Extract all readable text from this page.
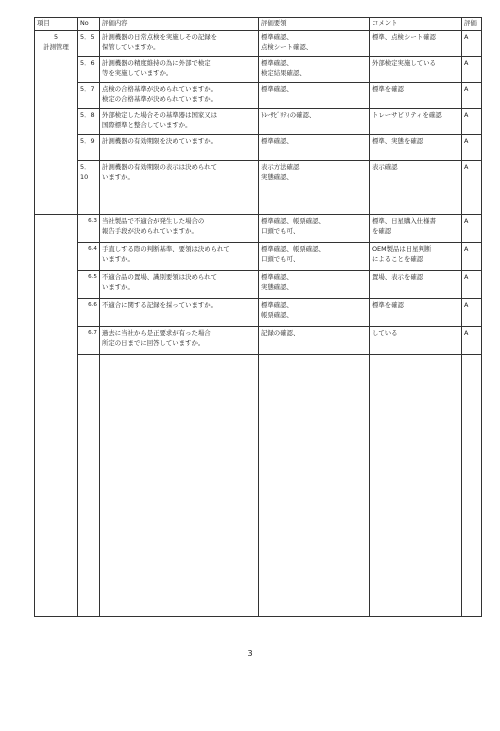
項目	No	評価内容	評価要領	コメント	評価

5
計測管理	5．5	計測機器の日常点検を実施しその記録を
保管していますか。	標準確認、
点検シート確認、	標準、点検シート確認	A
	5．6	計測機器の精度維持の為に外部で検定
等を実施していますか。	標準確認、
検定結果確認、	外部検定実施している	A
	5．7	点検の合格基準が決められていますか。
検定の合格基準が決められていますか。	標準確認、	標準を確認	A
	5．8	外部検定した場合その基準器は国家又は
国際標準と整合していますか。	ﾄﾚｰｻﾋﾞﾘﾃｨの確認、	トレーサビリティを確認	A
	5．9	計測機器の有効期限を決めていますか。	標準確認、	標準、実態を確認	A
	5．10	計測機器の有効期限の表示は決められて
いますか。	表示方法確認
実態確認、	表示確認	A
	6.3	当社製品で不適合が発生した場合の
報告手段が決められていますか。	標準確認、帳票確認、
口頭でも可、	標準、日星購入仕様書
を確認	A
	6.4	手直しする際の判断基準、要領は決められて
いますか。	標準確認、帳票確認、
口頭でも可、	OEM製品は日星判断
によることを確認	A
	6.5	不適合品の置場、識別要領は決められて
いますか。	標準確認、
実態確認、	置場、表示を確認	A
	6.6	不適合に関する記録を採っていますか。	標準確認、
帳票確認、	標準を確認	A
	6.7	過去に当社から是正要求が有った場合
所定の日までに回答していますか。	記録の確認、	している	A

3
